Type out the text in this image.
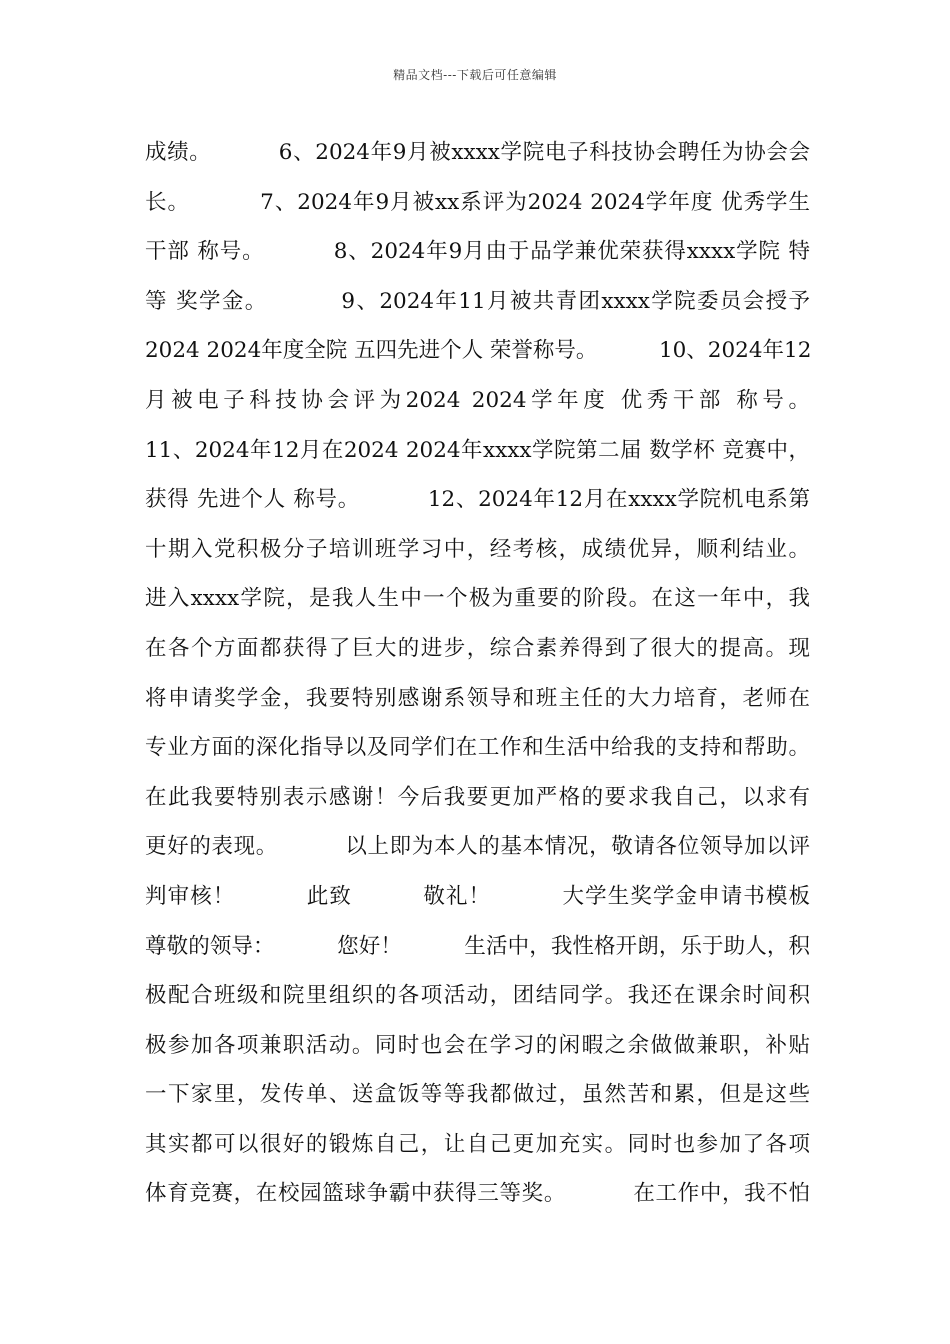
精品文档---下载后可任意编辑
成绩。         6、2024年9月被xxxx学院电子科技协会聘任为协会会
长。         7、2024年9月被xx系评为2024 2024学年度 优秀学生
干部 称号。         8、2024年9月由于品学兼优荣获得xxxx学院 特
等 奖学金。         9、2024年11月被共青团xxxx学院委员会授予
2024 2024年度全院 五四先进个人 荣誉称号。         10、2024年12
月被电子科技协会评为2024 2024学年度 优秀干部 称号。
11、2024年12月在2024 2024年xxxx学院第二届 数学杯 竞赛中，
获得 先进个人 称号。         12、2024年12月在xxxx学院机电系第
十期入党积极分子培训班学习中，经考核，成绩优异，顺利结业。
进入xxxx学院，是我人生中一个极为重要的阶段。在这一年中，我
在各个方面都获得了巨大的进步，综合素养得到了很大的提高。现
将申请奖学金，我要特别感谢系领导和班主任的大力培育，老师在
专业方面的深化指导以及同学们在工作和生活中给我的支持和帮助。
在此我要特别表示感谢！今后我要更加严格的要求我自己，以求有
更好的表现。         以上即为本人的基本情况，敬请各位领导加以评
判审核！         此致         敬礼！         大学生奖学金申请书模板
尊敬的领导：         您好！         生活中，我性格开朗，乐于助人，积
极配合班级和院里组织的各项活动，团结同学。我还在课余时间积
极参加各项兼职活动。同时也会在学习的闲暇之余做做兼职，补贴
一下家里，发传单、送盒饭等等我都做过，虽然苦和累，但是这些
其实都可以很好的锻炼自己，让自己更加充实。同时也参加了各项
体育竞赛，在校园篮球争霸中获得三等奖。         在工作中，我不怕
